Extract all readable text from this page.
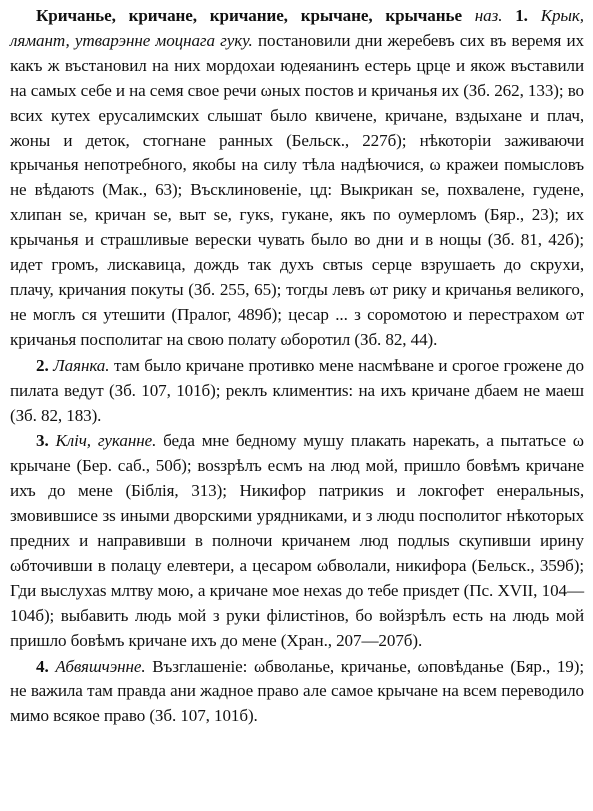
Кричанье, кричане, кричание, крычане, крычанье наз. 1. Крык, лямант, утварэнне моцнага гуку. постановили дни жеребевъ сих въ веремя их какъ ж въстановил на них мордохаи юдеяанинъ естерь црце и якож въставили на самых себе и на семя свое речи ωных постов и кричанья их (Зб. 262, 133); во всих кутех ерусалимских слышат было квичене, кричане, вздыхане и плач, жоны и деток, стогнане ранных (Бельск., 227б); нѣкоторіи заживаючи крычанья непотребного, якобы на силу тѣла надѣючися, ω кражеи помысловъ не вѣдаютs (Мак., 63); Въсклиновеніе, цд: Выкрикан se, похвалене, гудене, хлипан se, кричан se, выт se, гукs, гукане, якъ по оумерломъ (Бяр., 23); их крычанья и страшливые верески чувать было во дни и в нощы (Зб. 81, 42б); идет громъ, лискавица, дождь так духъ свтыs серце взрушаеть до скрухи, плачу, кричания покуты (Зб. 255, 65); тогды левъ ωт рику и кричанья великого, не моглъ ся утешити (Пралог, 489б); цесар ... з соромотою и перестрахом ωт кричанья посполитаг на свою полату ωборотил (Зб. 82, 44).

2. Лаянка. там было кричане противко мене насмѣване и срогое грожене до пилата ведут (Зб. 107, 101б); реклъ климентиs: на ихъ кричане дбаем не маеш (Зб. 82, 183).

3. Кліч, гуканне. беда мне бедному мушу плакать нарекать, а пытатьсе ω крычане (Бер. саб., 50б); воsзрѣлъ есмъ на люд мой, пришло бовѣмъ кричане ихъ до мене (Біблія, 313); Никифор патрикиs и локгофет енеральныs, змовившисе зs иными дворскими урядниками, и з людu посполитог нѣкоторых предних и направивши в полночи кричанем люд подлыs скупивши ирину ωбточивши в полацу елевтери, а цесаром ωбволали, никифора (Бельск., 359б); Гди выслухаs млтву мою, а кричане мое нехаs до тебе приsдет (Пс. XVII, 104—104б); выбавить людь мой з руки філистінов, бо войзрѣлъ есть на людь мой пришло бовѣмъ кричане ихъ до мене (Хран., 207—207б).

4. Абвяшчэнне. Възглашеніе: ωбволанье, кричанье, ωповѣданье (Бяр., 19); не важила там правда ани жадное право але самое крычане на всем переводило мимо всякое право (Зб. 107, 101б).
